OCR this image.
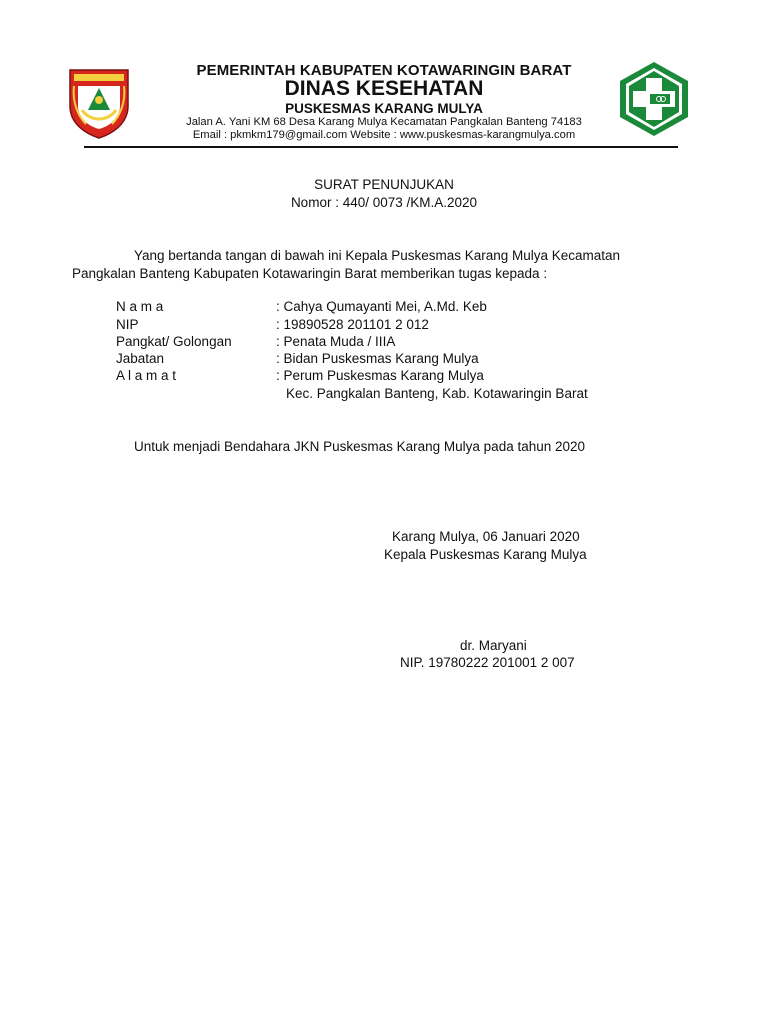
PEMERINTAH KABUPATEN KOTAWARINGIN BARAT
DINAS KESEHATAN
PUSKESMAS KARANG MULYA
Jalan A. Yani KM 68 Desa Karang Mulya Kecamatan Pangkalan Banteng 74183
Email : pkmkm179@gmail.com Website : www.puskesmas-karangmulya.com
SURAT PENUNJUKAN
Nomor : 440/ 0073 /KM.A.2020
Yang bertanda tangan di bawah ini Kepala Puskesmas Karang Mulya Kecamatan
Pangkalan Banteng Kabupaten Kotawaringin Barat memberikan tugas kepada :
N a m a	: Cahya Qumayanti Mei, A.Md. Keb
NIP	: 19890528 201101 2 012
Pangkat/ Golongan	: Penata Muda / IIIA
Jabatan	: Bidan Puskesmas Karang Mulya
A l a m a t	: Perum Puskesmas Karang Mulya
Kec. Pangkalan Banteng, Kab. Kotawaringin Barat
Untuk menjadi Bendahara JKN Puskesmas Karang Mulya pada tahun 2020
Karang Mulya, 06 Januari 2020
Kepala Puskesmas Karang Mulya
dr. Maryani
NIP. 19780222 201001 2 007
